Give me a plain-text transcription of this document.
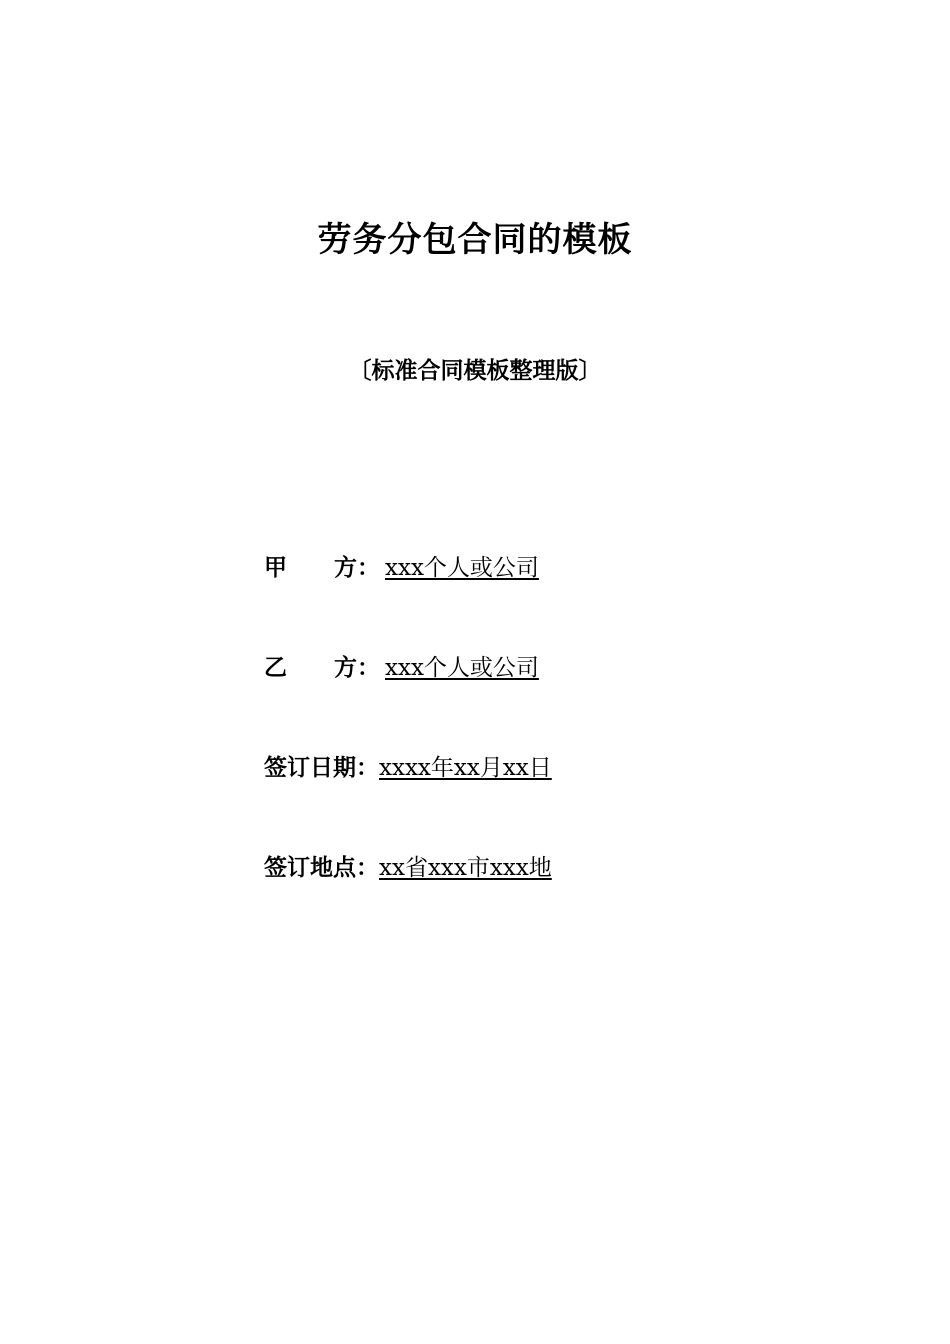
劳务分包合同的模板
〔标准合同模板整理版〕
甲 方： xxx个人或公司
乙 方： xxx个人或公司
签订日期：xxxx年xx月xx日
签订地点：xx省xxx市xxx地
